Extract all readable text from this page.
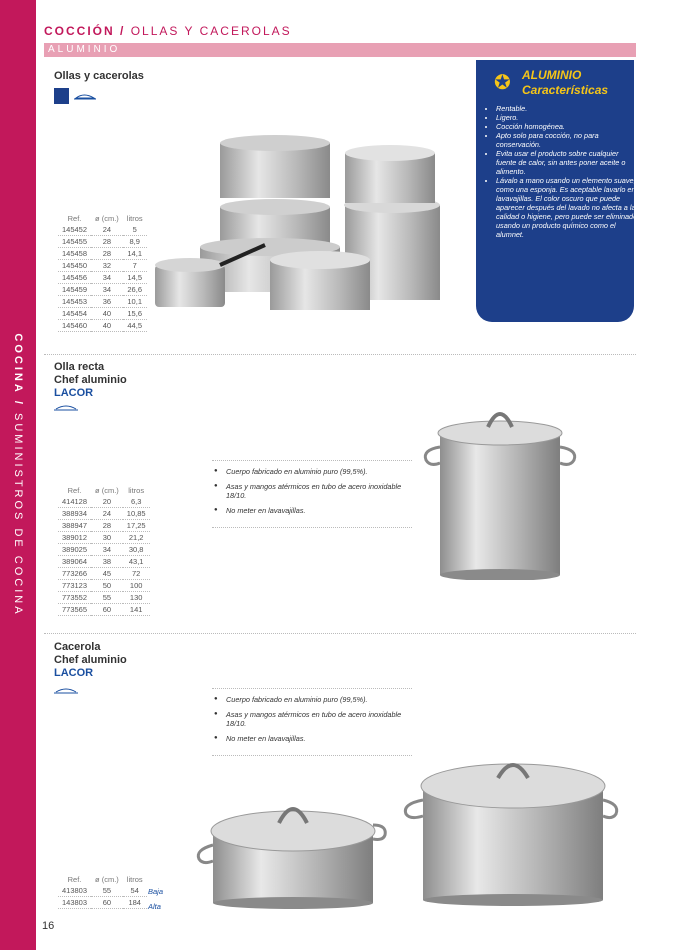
COCINA / SUMINISTROS DE COCINA
COCCIÓN / OLLAS Y CACEROLAS
ALUMINIO
Ollas y cacerolas
Ref.	ø (cm.)	litros
145452	24	5
145455	28	8,9
145458	28	14,1
145450	32	7
145456	34	14,5
145459	34	26,6
145453	36	10,1
145454	40	15,6
145460	40	44,5
✪ ALUMINIO
Características
• Rentable.
• Ligero.
• Cocción homogénea.
• Apto solo para cocción, no para conservación.
• Evita usar el producto sobre cualquier fuente de calor, sin antes poner aceite o alimento.
• Lávalo a mano usando un elemento suave, como una esponja. Es aceptable lavarlo en lavavajillas. El color oscuro que puede aparecer después del lavado no afecta a la calidad o higiene, pero puede ser eliminado usando un producto químico como el alumnet.
Olla recta
Chef aluminio
LACOR
● Cuerpo fabricado en aluminio puro (99,5%).
● Asas y mangos atérmicos en tubo de acero inoxidable 18/10.
● No meter en lavavajillas.
Ref.	ø (cm.)	litros
414128	20	6,3
388934	24	10,85
388947	28	17,25
389012	30	21,2
389025	34	30,8
389064	38	43,1
773266	45	72
773123	50	100
773552	55	130
773565	60	141
Cacerola
Chef aluminio
LACOR
● Cuerpo fabricado en aluminio puro (99,5%).
● Asas y mangos atérmicos en tubo de acero inoxidable 18/10.
● No meter en lavavajillas.
Ref.	ø (cm.)	litros
413803	55	54
143803	60	184
Baja
Alta
16
